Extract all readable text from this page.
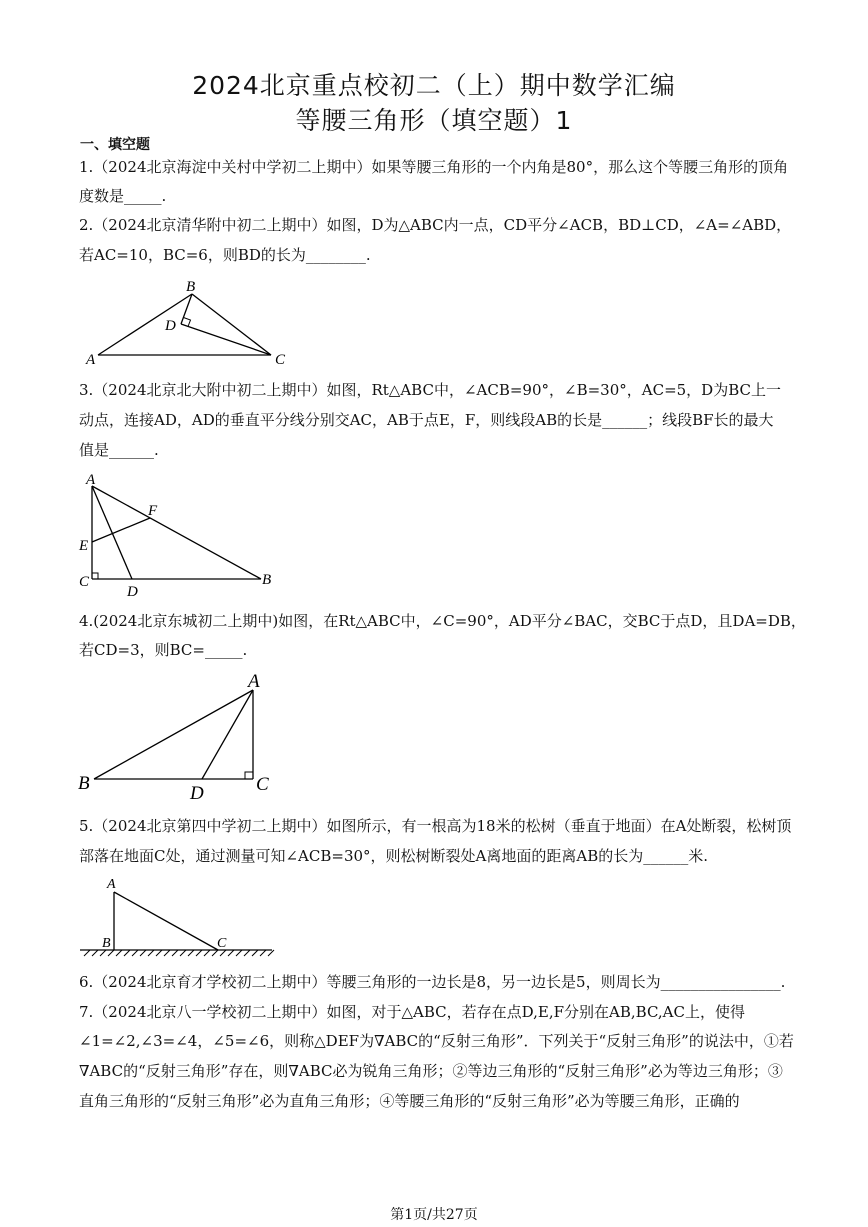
2024北京重点校初二（上）期中数学汇编
等腰三角形（填空题）1
一、填空题
1.（2024北京海淀中关村中学初二上期中）如果等腰三角形的一个内角是80°，那么这个等腰三角形的顶角
度数是_____.
2.（2024北京清华附中初二上期中）如图，D为△ABC内一点，CD平分∠ACB，BD⊥CD，∠A=∠ABD，
若AC=10，BC=6，则BD的长为________.
B
D
A	C
3.（2024北京北大附中初二上期中）如图，Rt△ABC中，∠ACB=90°，∠B=30°，AC=5，D为BC上一
动点，连接AD，AD的垂直平分线分别交AC，AB于点E，F，则线段AB的长是______；线段BF长的最大
值是______.
A
F
E
C
D
B
4.(2024北京东城初二上期中)如图，在Rt△ABC中，∠C=90°，AD平分∠BAC，交BC于点D，且DA=DB，
若CD=3，则BC=_____.
A
B	D	C
5.（2024北京第四中学初二上期中）如图所示，有一根高为18米的松树（垂直于地面）在A处断裂，松树顶
部落在地面C处，通过测量可知∠ACB=30°，则松树断裂处A离地面的距离AB的长为______米.
A
B	C
6.（2024北京育才学校初二上期中）等腰三角形的一边长是8，另一边长是5，则周长为________________.
7.（2024北京八一学校初二上期中）如图，对于△ABC，若存在点D,E,F分别在AB,BC,AC上，使得
∠1=∠2,∠3=∠4，∠5=∠6，则称△DEF为∇ABC的“反射三角形”．下列关于“反射三角形”的说法中，①若
∇ABC的“反射三角形”存在，则∇ABC必为锐角三角形；②等边三角形的“反射三角形”必为等边三角形；③
直角三角形的“反射三角形”必为直角三角形；④等腰三角形的“反射三角形”必为等腰三角形，正确的
第1页/共27页
